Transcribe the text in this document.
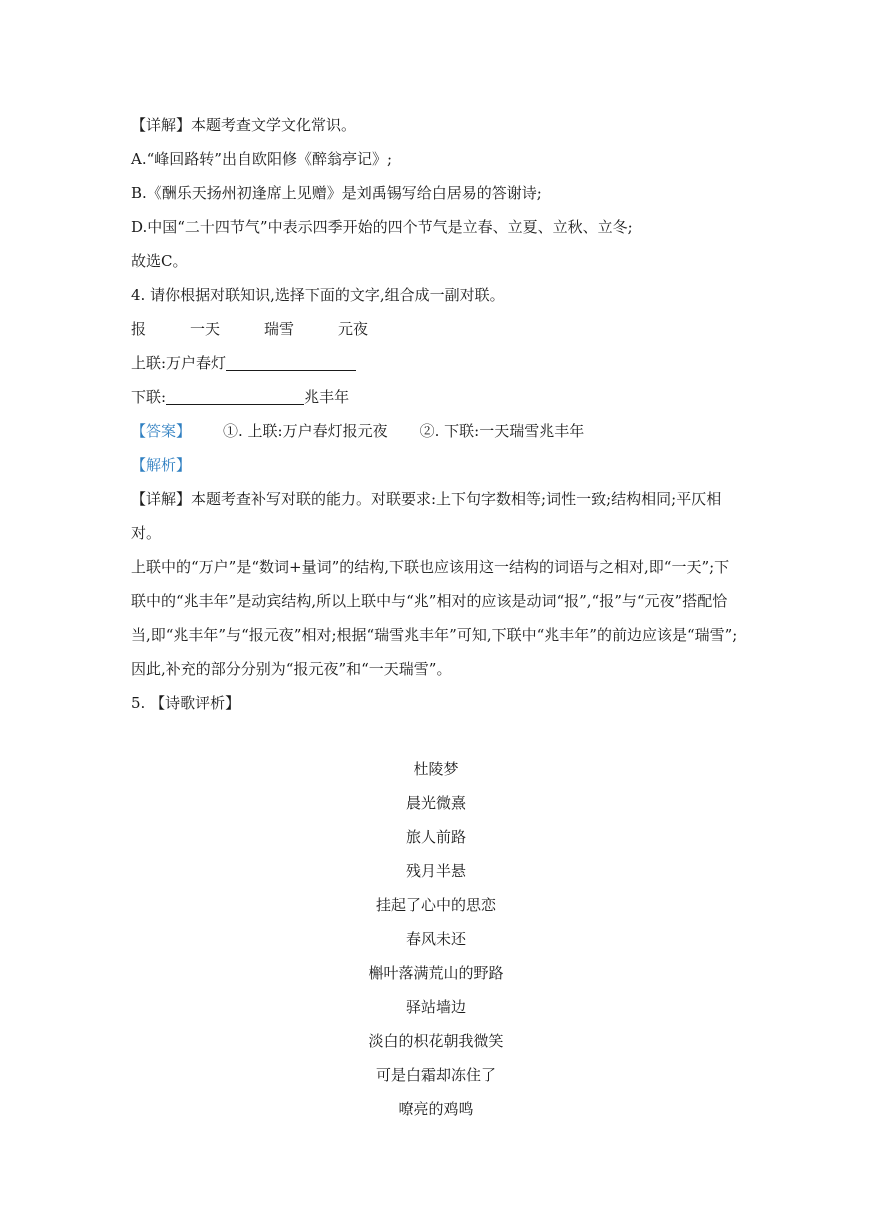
【详解】本题考查文学文化常识。
A.“峰回路转”出自欧阳修《醉翁亭记》;
B.《酬乐天扬州初逢席上见赠》是刘禹锡写给白居易的答谢诗;
D.中国“二十四节气”中表示四季开始的四个节气是立春、立夏、立秋、立冬;
故选C。
4. 请你根据对联知识,选择下面的文字,组合成一副对联。
报	一天	瑞雪	元夜
上联:万户春灯
下联:	兆丰年
【答案】 ①. 上联:万户春灯报元夜 ②. 下联:一天瑞雪兆丰年
【解析】
【详解】本题考查补写对联的能力。对联要求:上下句字数相等;词性一致;结构相同;平仄相对。
上联中的“万户”是“数词+量词”的结构,下联也应该用这一结构的词语与之相对,即“一天”;下联中的“兆丰年”是动宾结构,所以上联中与“兆”相对的应该是动词“报”,“报”与“元夜”搭配恰当,即“兆丰年”与“报元夜”相对;根据“瑞雪兆丰年”可知,下联中“兆丰年”的前边应该是“瑞雪”;因此,补充的部分分别为“报元夜”和“一天瑞雪”。
5. 【诗歌评析】
杜陵梦
晨光微熹
旅人前路
残月半悬
挂起了心中的思恋
春风未还
槲叶落满荒山的野路
驿站墙边
淡白的枳花朝我微笑
可是白霜却冻住了
嘹亮的鸡鸣
